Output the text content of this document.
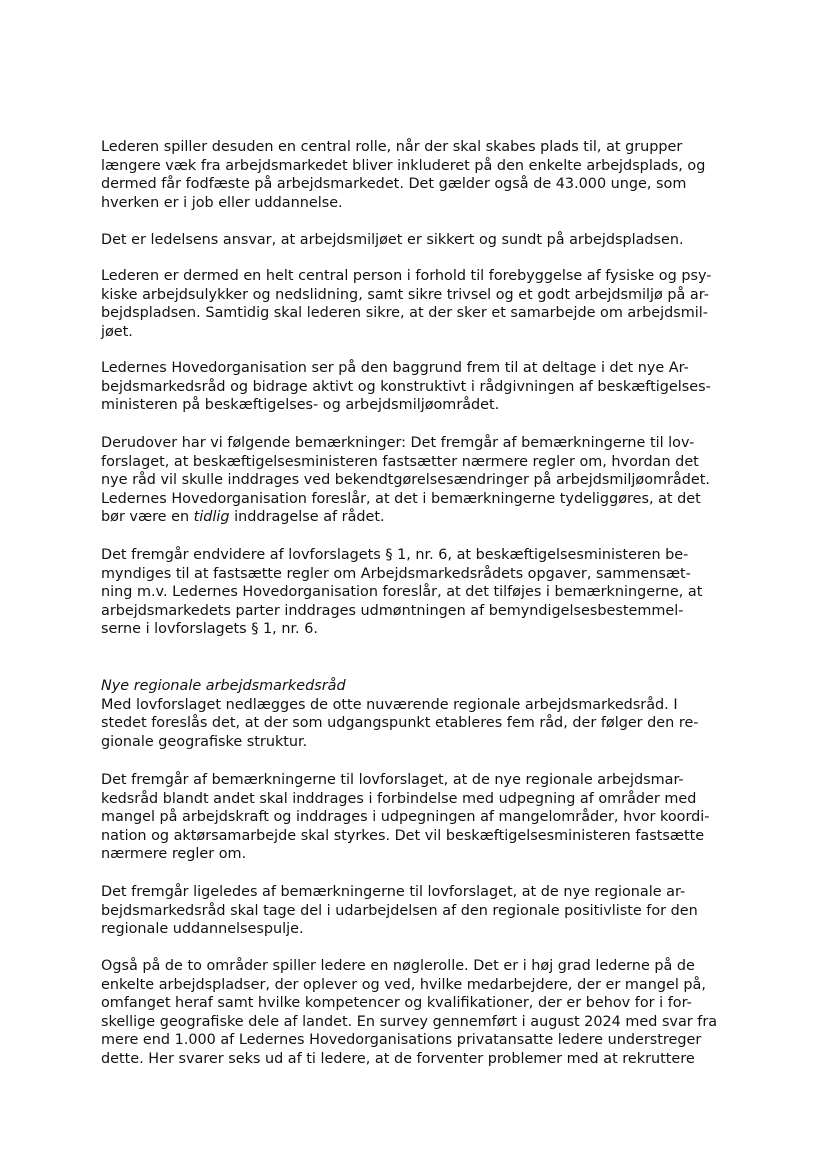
Lederen spiller desuden en central rolle, når der skal skabes plads til, at grupper
længere væk fra arbejdsmarkedet bliver inkluderet på den enkelte arbejdsplads, og
dermed får fodfæste på arbejdsmarkedet. Det gælder også de 43.000 unge, som
hverken er i job eller uddannelse.
Det er ledelsens ansvar, at arbejdsmiljøet er sikkert og sundt på arbejdspladsen.
Lederen er dermed en helt central person i forhold til forebyggelse af fysiske og psy-
kiske arbejdsulykker og nedslidning, samt sikre trivsel og et godt arbejdsmiljø på ar-
bejdspladsen. Samtidig skal lederen sikre, at der sker et samarbejde om arbejdsmil-
jøet.
Ledernes Hovedorganisation ser på den baggrund frem til at deltage i det nye Ar-
bejdsmarkedsråd og bidrage aktivt og konstruktivt i rådgivningen af beskæftigelses-
ministeren på beskæftigelses- og arbejdsmiljøområdet.
Derudover har vi følgende bemærkninger: Det fremgår af bemærkningerne til lov-
forslaget, at beskæftigelsesministeren fastsætter nærmere regler om, hvordan det
nye råd vil skulle inddrages ved bekendtgørelsesændringer på arbejdsmiljøområdet.
Ledernes Hovedorganisation foreslår, at det i bemærkningerne tydeliggøres, at det
bør være en tidlig inddragelse af rådet.
Det fremgår endvidere af lovforslagets § 1, nr. 6, at beskæftigelsesministeren be-
myndiges til at fastsætte regler om Arbejdsmarkedsrådets opgaver, sammensæt-
ning m.v. Ledernes Hovedorganisation foreslår, at det tilføjes i bemærkningerne, at
arbejdsmarkedets parter inddrages udmøntningen af bemyndigelsesbestemmel-
serne i lovforslagets § 1, nr. 6.
Nye regionale arbejdsmarkedsråd
Med lovforslaget nedlægges de otte nuværende regionale arbejdsmarkedsråd. I
stedet foreslås det, at der som udgangspunkt etableres fem råd, der følger den re-
gionale geografiske struktur.
Det fremgår af bemærkningerne til lovforslaget, at de nye regionale arbejdsmar-
kedsråd blandt andet skal inddrages i forbindelse med udpegning af områder med
mangel på arbejdskraft og inddrages i udpegningen af mangelområder, hvor koordi-
nation og aktørsamarbejde skal styrkes. Det vil beskæftigelsesministeren fastsætte
nærmere regler om.
Det fremgår ligeledes af bemærkningerne til lovforslaget, at de nye regionale ar-
bejdsmarkedsråd skal tage del i udarbejdelsen af den regionale positivliste for den
regionale uddannelsespulje.
Også på de to områder spiller ledere en nøglerolle. Det er i høj grad lederne på de
enkelte arbejdspladser, der oplever og ved, hvilke medarbejdere, der er mangel på,
omfanget heraf samt hvilke kompetencer og kvalifikationer, der er behov for i for-
skellige geografiske dele af landet. En survey gennemført i august 2024 med svar fra
mere end 1.000 af Ledernes Hovedorganisations privatansatte ledere understreger
dette. Her svarer seks ud af ti ledere, at de forventer problemer med at rekruttere
